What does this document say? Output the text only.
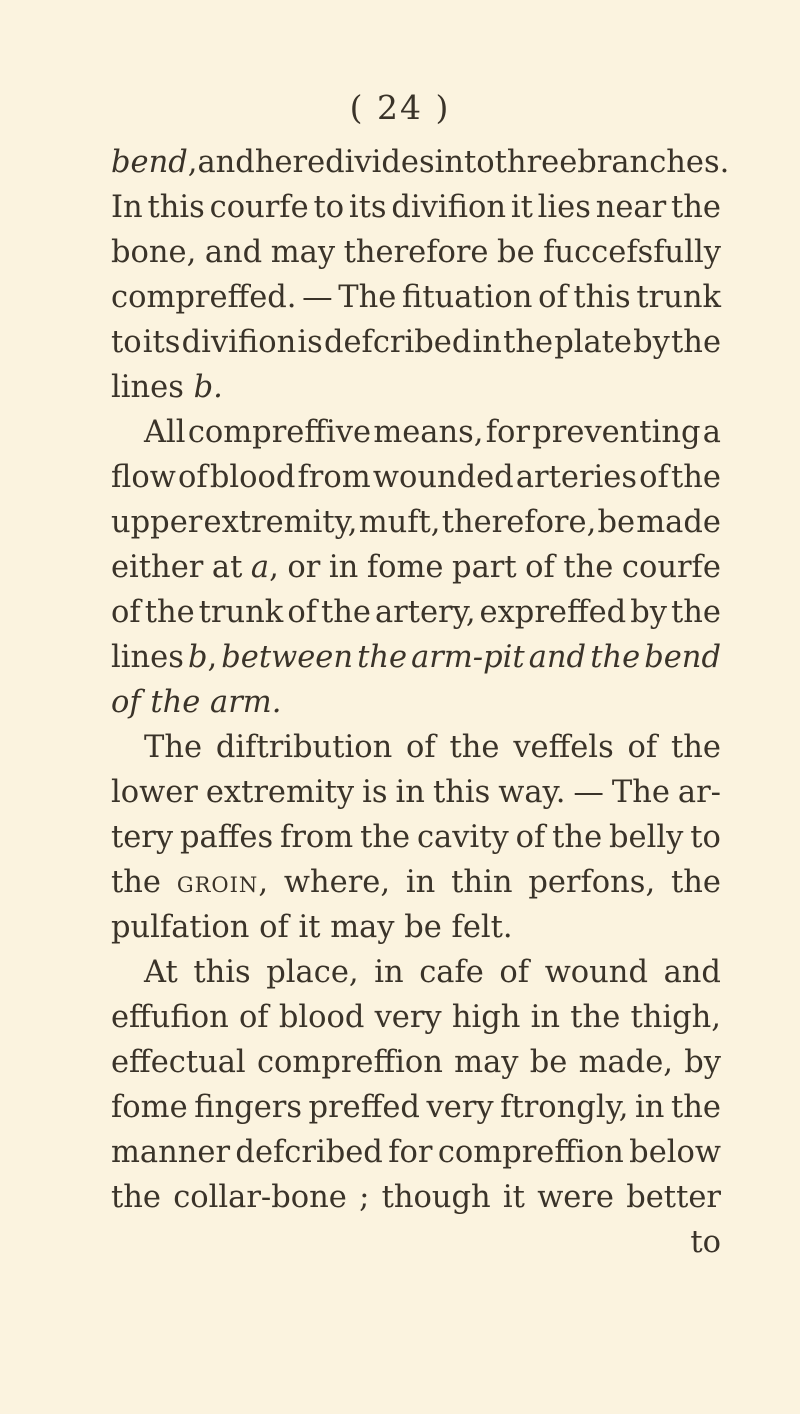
( 24 )
bend, and here divides into three branches.
In this courfe to its divifion it lies near the
bone, and may therefore be fuccefsfully
compreffed. — The fituation of this trunk
to its divifion is defcribed in the plate by the
lines
b.
All compreffive means, for preventing a
flow of blood from wounded arteries of the
upper extremity, muft, therefore, be made
either at a, or in fome part of the courfe
of the trunk of the artery, expreffed by the
lines b, between the arm-pit and the bend
of
the
arm.
The diftribution of the veffels of the
lower extremity is in this way. — The ar-
tery paffes from the cavity of the belly to
the groin, where, in thin perfons, the
pulfation
of
it
may
be
felt.
At this place, in cafe of wound and
effufion of blood very high in the thigh,
effectual compreffion may be made, by
fome fingers preffed very ftrongly, in the
manner defcribed for compreffion below
the collar-bone ; though it were better
to
